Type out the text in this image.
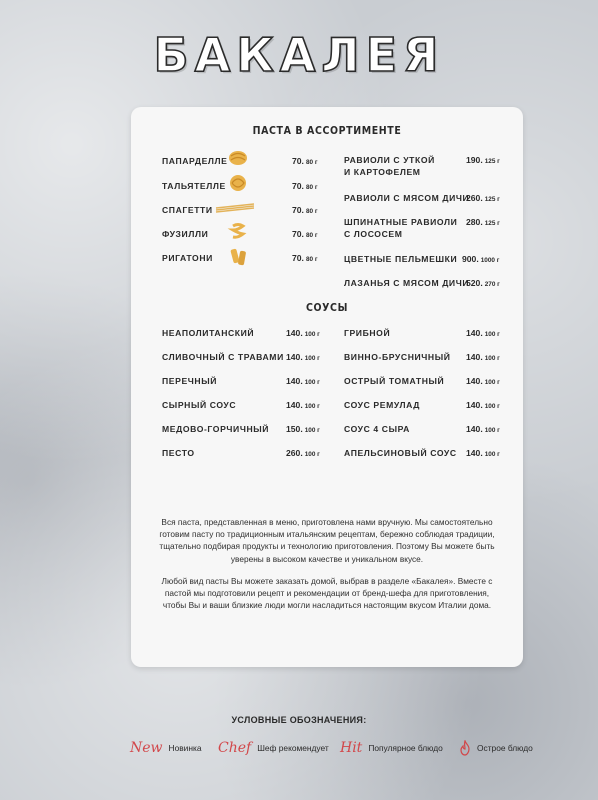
БАКАЛЕЯ
ПАСТА В АССОРТИМЕНТЕ
ПАПАРДЕЛЛЕ	70. 80 г
ТАЛЬЯТЕЛЛЕ	70. 80 г
СПАГЕТТИ	70. 80 г
ФУЗИЛЛИ	70. 80 г
РИГАТОНИ	70. 80 г
РАВИОЛИ С УТКОЙ
И КАРТОФЕЛЕМ
190. 125 г
РАВИОЛИ С МЯСОМ ДИЧИ
260. 125 г
ШПИНАТНЫЕ РАВИОЛИ
С ЛОСОСЕМ
280. 125 г
ЦВЕТНЫЕ ПЕЛЬМЕШКИ 900. 1000 г
ЛАЗАНЬЯ С МЯСОМ ДИЧИ
520. 270 г
СОУСЫ
НЕАПОЛИТАНСКИЙ	140. 100 г
СЛИВОЧНЫЙ С ТРАВАМИ 140. 100 г
ПЕРЕЧНЫЙ	140. 100 г
СЫРНЫЙ СОУС	140. 100 г
МЕДОВО-ГОРЧИЧНЫЙ 150. 100 г
ПЕСТО	260. 100 г
ГРИБНОЙ	140. 100 г
ВИННО-БРУСНИЧНЫЙ 140. 100 г
ОСТРЫЙ ТОМАТНЫЙ	140. 100 г
СОУС РЕМУЛАД	140. 100 г
СОУС 4 СЫРА	140. 100 г
АПЕЛЬСИНОВЫЙ СОУС 140. 100 г
Вся паста, представленная в меню, приготовлена нами вручную. Мы самостоятельно готовим пасту по традиционным итальянским рецептам, бережно соблюдая традиции, тщательно подбирая продукты и технологию приготовления. Поэтому Вы можете быть уверены в высоком качестве и уникальном вкусе.
Любой вид пасты Вы можете заказать домой, выбрав в разделе «Бакалея». Вместе с пастой мы подготовили рецепт и рекомендации от бренд-шефа для приготовления, чтобы Вы и ваши близкие люди могли насладиться настоящим вкусом Италии дома.
УСЛОВНЫЕ ОБОЗНАЧЕНИЯ:
New Новинка Chef Шеф рекомендует Hit Популярное блюдо	Острое блюдо
